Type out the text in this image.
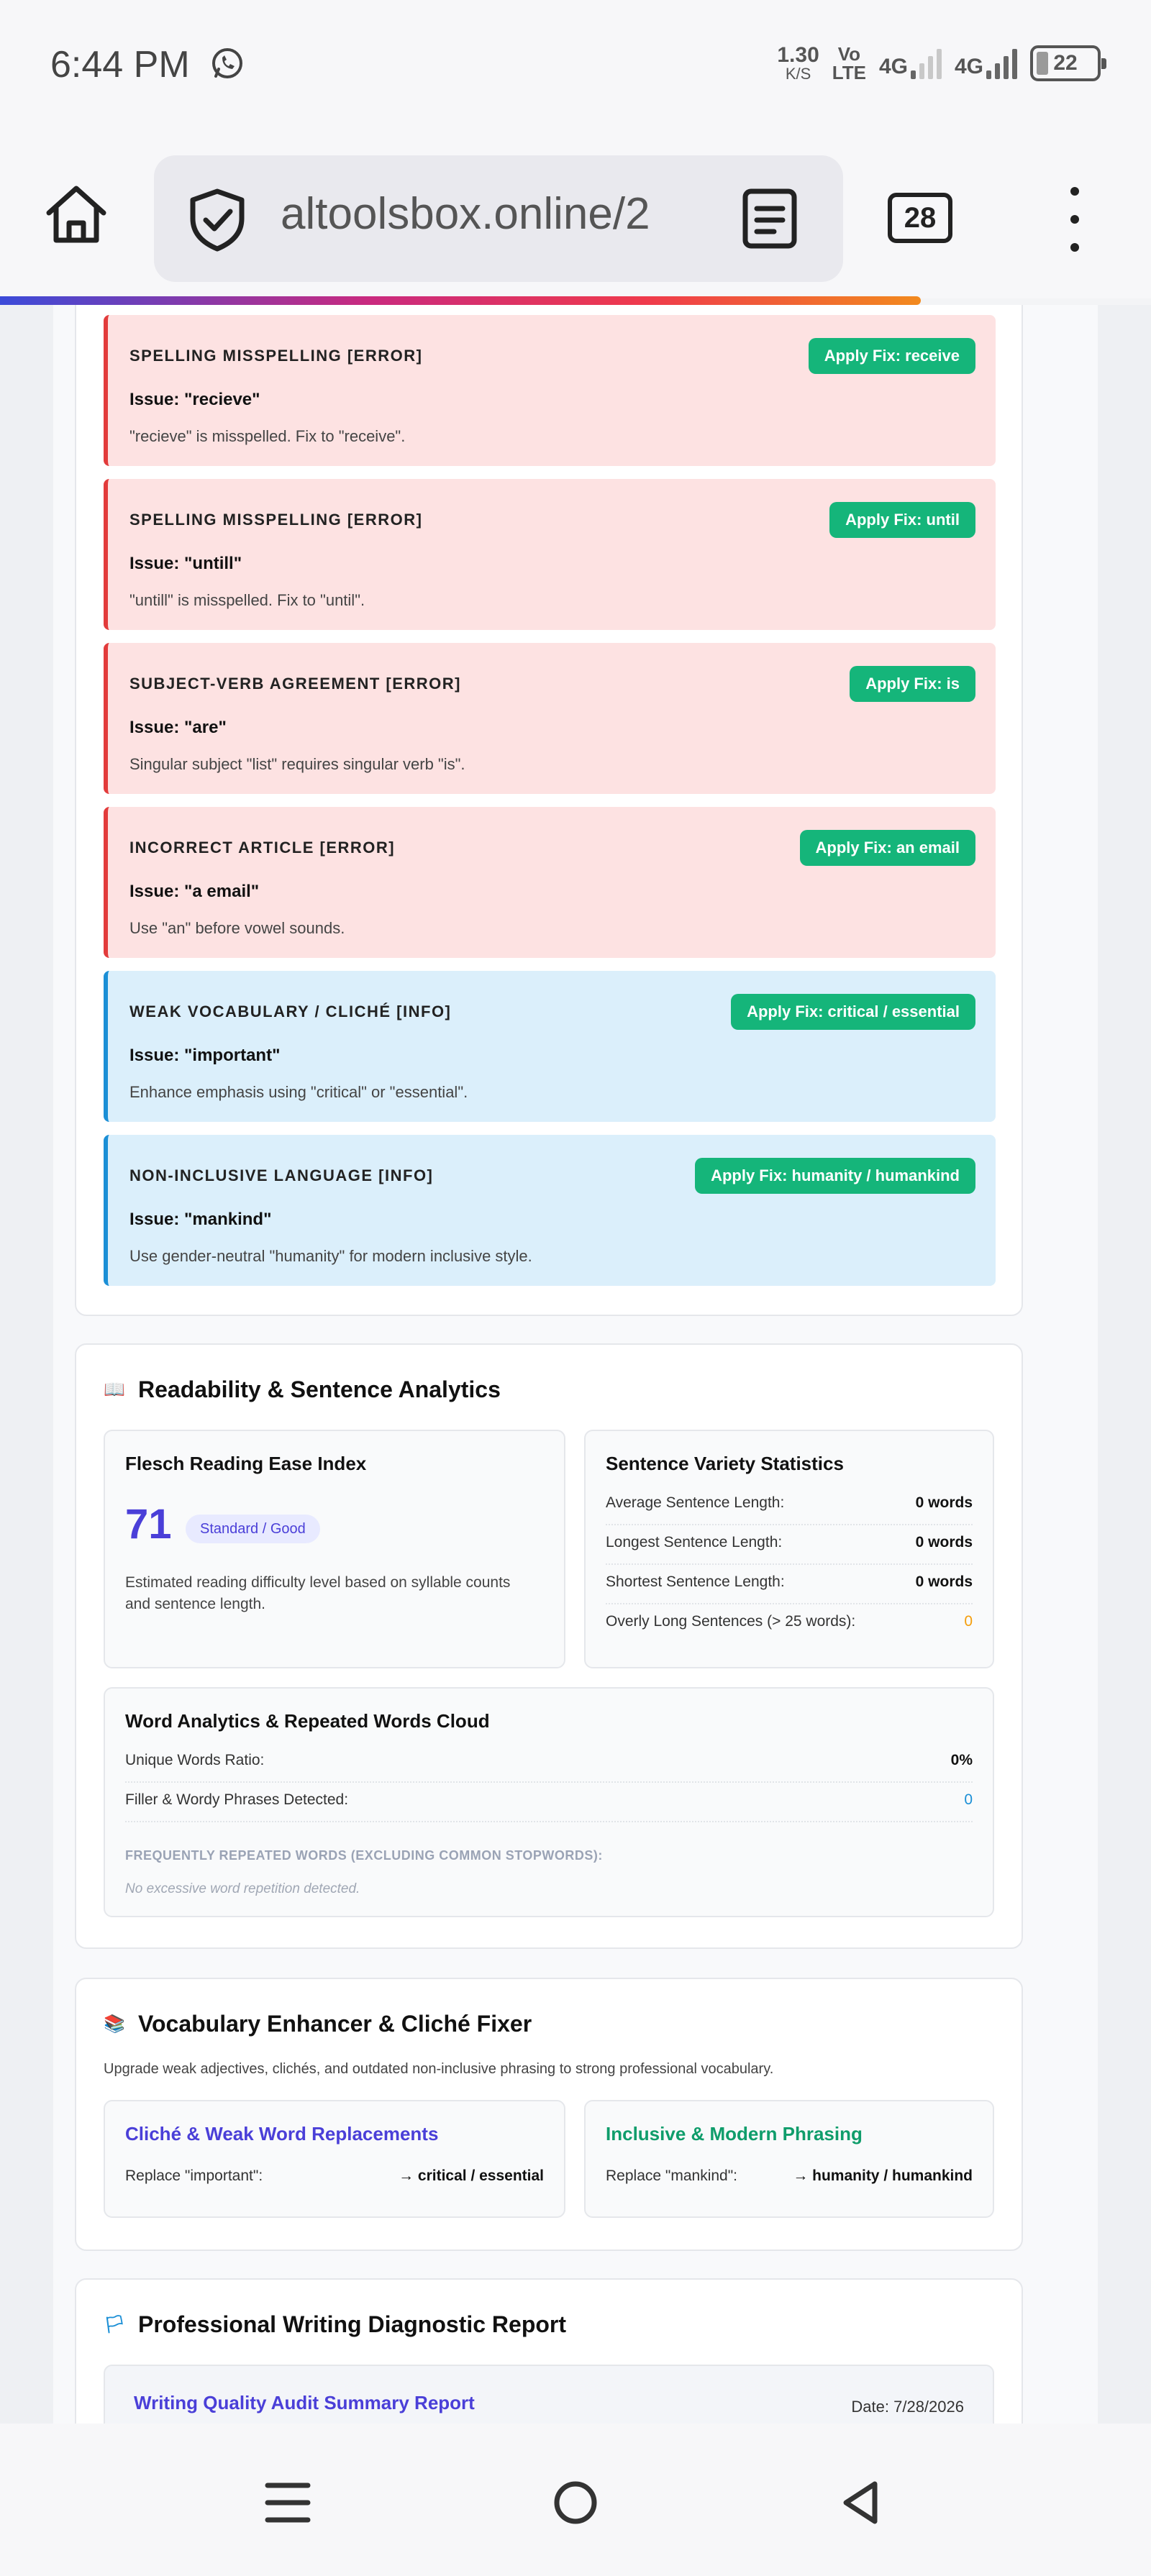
6:44 PM	1.30
K/S
Vo
LTE 4G 4G	22
altoolsbox.online/2	28
SPELLING MISSPELLING [ERROR]
Issue: "recieve"
"recieve" is misspelled. Fix to "receive".
Apply Fix: receive
SPELLING MISSPELLING [ERROR]
Issue: "untill"
"untill" is misspelled. Fix to "until".
Apply Fix: until
SUBJECT-VERB AGREEMENT [ERROR]
Issue: "are"
Singular subject "list" requires singular verb "is".
Apply Fix: is
INCORRECT ARTICLE [ERROR]
Issue: "a email"
Use "an" before vowel sounds.
Apply Fix: an email
WEAK VOCABULARY / CLICHÉ [INFO]
Issue: "important"
Enhance emphasis using "critical" or "essential".
Apply Fix: critical / essential
NON-INCLUSIVE LANGUAGE [INFO]
Issue: "mankind"
Use gender-neutral "humanity" for modern inclusive style.
Apply Fix: humanity / humankind
📖 Readability & Sentence Analytics
Flesch Reading Ease Index
71	Standard / Good
Estimated reading difficulty level based on syllable counts and sentence length.
Sentence Variety Statistics
Average Sentence Length:	0 words
Longest Sentence Length:	0 words
Shortest Sentence Length:	0 words
Overly Long Sentences (> 25 words):	0
Word Analytics & Repeated Words Cloud
Unique Words Ratio:	0%
Filler & Wordy Phrases Detected:	0
FREQUENTLY REPEATED WORDS (EXCLUDING COMMON STOPWORDS):
No excessive word repetition detected.
📚 Vocabulary Enhancer & Cliché Fixer
Upgrade weak adjectives, clichés, and outdated non-inclusive phrasing to strong professional vocabulary.
Cliché & Weak Word Replacements
Replace "important":	→ critical / essential
Inclusive & Modern Phrasing
Replace "mankind":	→ humanity / humankind
🏳 Professional Writing Diagnostic Report
Writing Quality Audit Summary Report	Date: 7/28/2026
